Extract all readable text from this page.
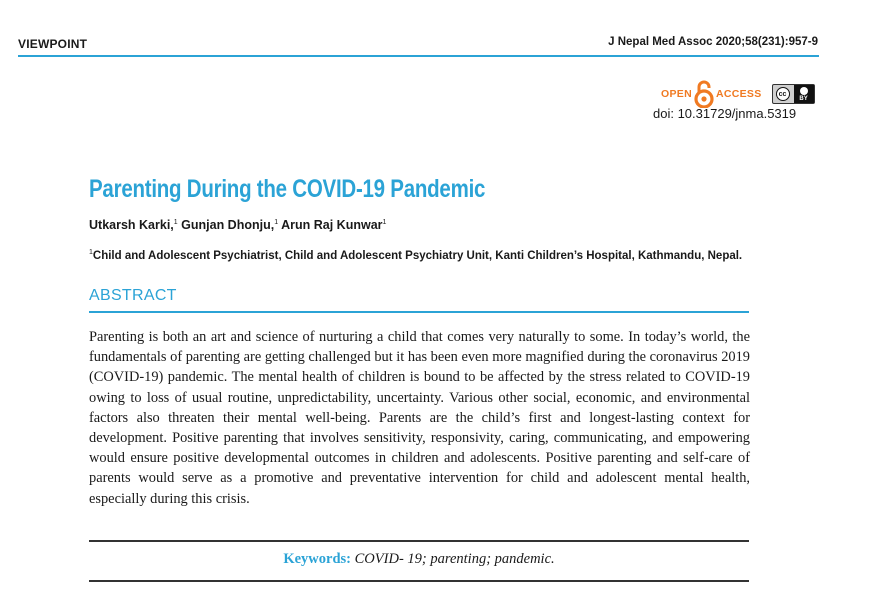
VIEWPOINT	J Nepal Med Assoc 2020;58(231):957-9
OPEN ACCESS	cc
BY
doi: 10.31729/jnma.5319
Parenting During the COVID-19 Pandemic
Utkarsh Karki,$^1$ Gunjan Dhonju,$^1$ Arun Raj Kunwar$^1$
$^1$Child and Adolescent Psychiatrist, Child and Adolescent Psychiatry Unit, Kanti Children’s Hospital, Kathmandu, Nepal.
ABSTRACT
Parenting is both an art and science of nurturing a child that comes very naturally to some. In today’s world, the fundamentals of parenting are getting challenged but it has been even more magnified during the coronavirus 2019 (COVID-19) pandemic. The mental health of children is bound to be affected by the stress related to COVID-19 owing to loss of usual routine, unpredictability, uncertainty. Various other social, economic, and environmental factors also threaten their mental well-being. Parents are the child’s first and longest-lasting context for development. Positive parenting that involves sensitivity, responsivity, caring, communicating, and empowering would ensure positive developmental outcomes in children and adolescents. Positive parenting and self-care of parents would serve as a promotive and preventative intervention for child and adolescent mental health, especially during this crisis.
Keywords: COVID- 19; parenting; pandemic.
